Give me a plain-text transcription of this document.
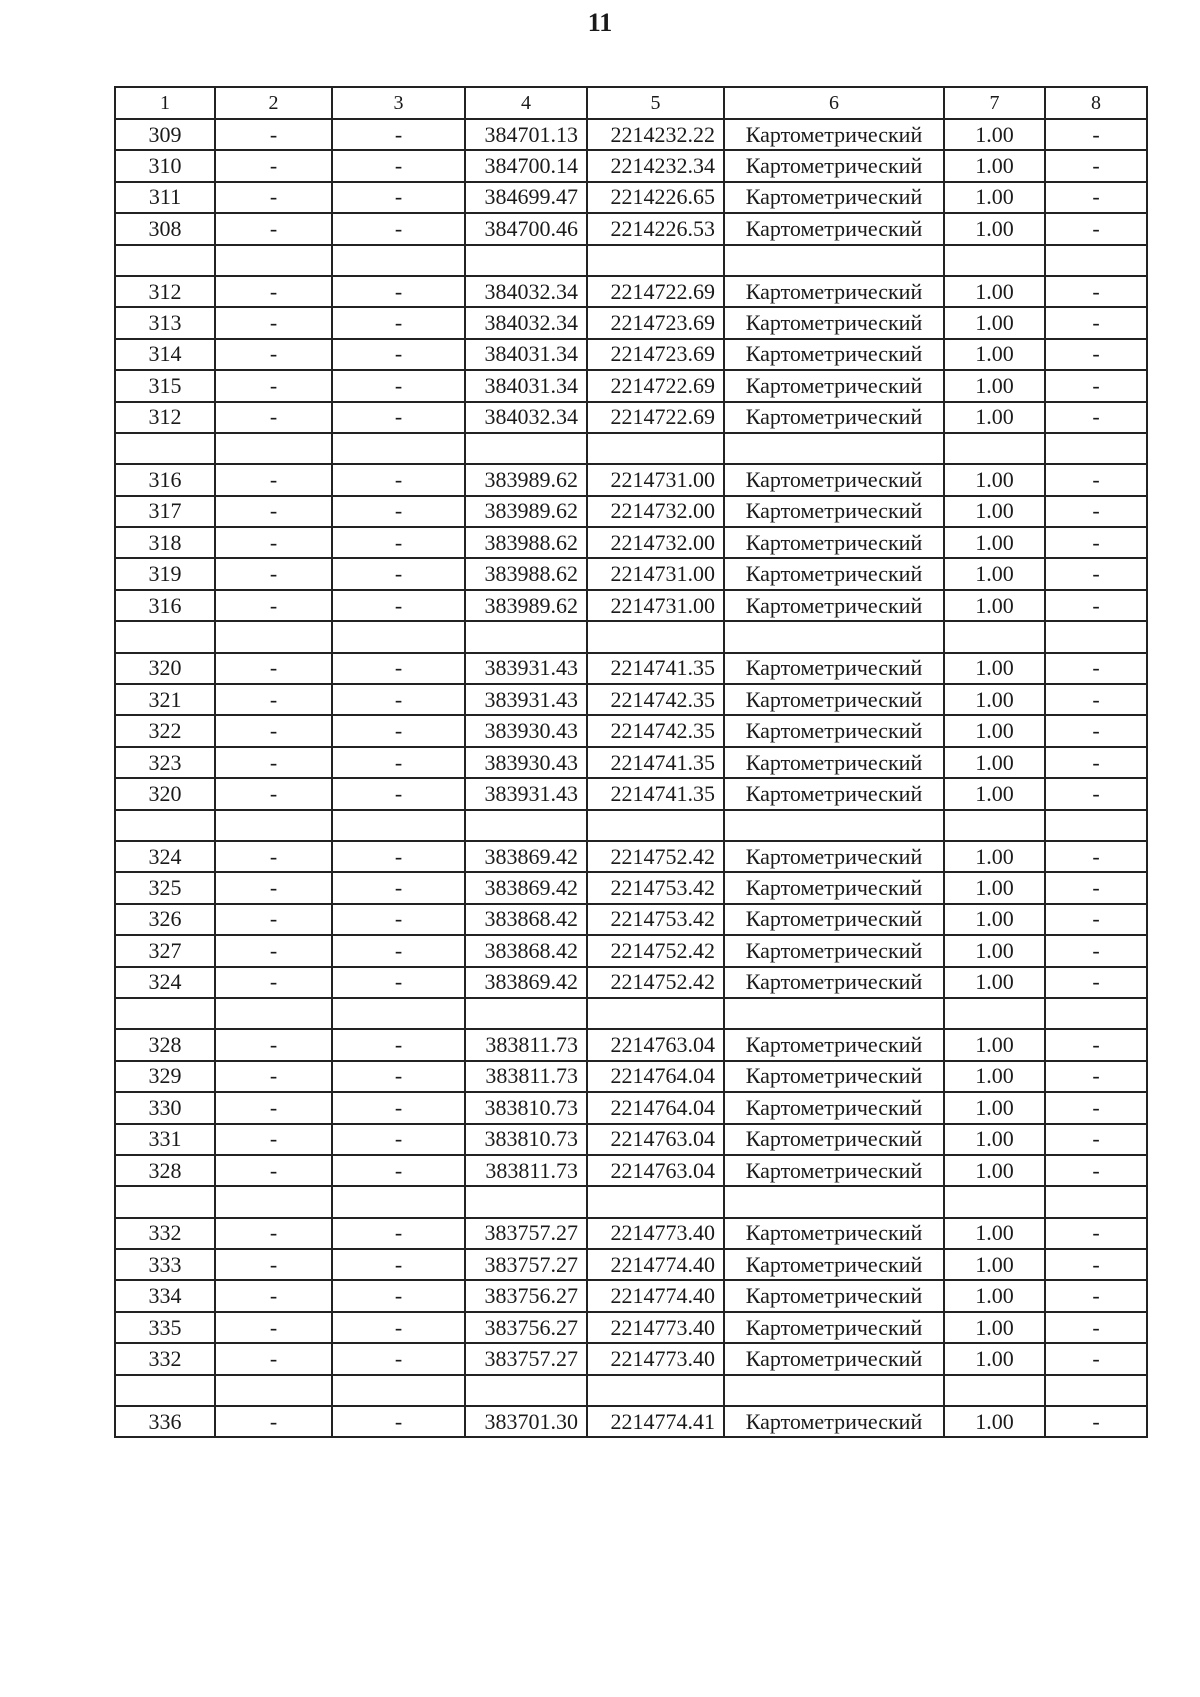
11
1	2	3	4	5	6	7	8
309	-	-	384701.13	2214232.22	Картометрический	1.00	-
310	-	-	384700.14	2214232.34	Картометрический	1.00	-
311	-	-	384699.47	2214226.65	Картометрический	1.00	-
308	-	-	384700.46	2214226.53	Картометрический	1.00	-

312	-	-	384032.34	2214722.69	Картометрический	1.00	-
313	-	-	384032.34	2214723.69	Картометрический	1.00	-
314	-	-	384031.34	2214723.69	Картометрический	1.00	-
315	-	-	384031.34	2214722.69	Картометрический	1.00	-
312	-	-	384032.34	2214722.69	Картометрический	1.00	-

316	-	-	383989.62	2214731.00	Картометрический	1.00	-
317	-	-	383989.62	2214732.00	Картометрический	1.00	-
318	-	-	383988.62	2214732.00	Картометрический	1.00	-
319	-	-	383988.62	2214731.00	Картометрический	1.00	-
316	-	-	383989.62	2214731.00	Картометрический	1.00	-

320	-	-	383931.43	2214741.35	Картометрический	1.00	-
321	-	-	383931.43	2214742.35	Картометрический	1.00	-
322	-	-	383930.43	2214742.35	Картометрический	1.00	-
323	-	-	383930.43	2214741.35	Картометрический	1.00	-
320	-	-	383931.43	2214741.35	Картометрический	1.00	-

324	-	-	383869.42	2214752.42	Картометрический	1.00	-
325	-	-	383869.42	2214753.42	Картометрический	1.00	-
326	-	-	383868.42	2214753.42	Картометрический	1.00	-
327	-	-	383868.42	2214752.42	Картометрический	1.00	-
324	-	-	383869.42	2214752.42	Картометрический	1.00	-

328	-	-	383811.73	2214763.04	Картометрический	1.00	-
329	-	-	383811.73	2214764.04	Картометрический	1.00	-
330	-	-	383810.73	2214764.04	Картометрический	1.00	-
331	-	-	383810.73	2214763.04	Картометрический	1.00	-
328	-	-	383811.73	2214763.04	Картометрический	1.00	-

332	-	-	383757.27	2214773.40	Картометрический	1.00	-
333	-	-	383757.27	2214774.40	Картометрический	1.00	-
334	-	-	383756.27	2214774.40	Картометрический	1.00	-
335	-	-	383756.27	2214773.40	Картометрический	1.00	-
332	-	-	383757.27	2214773.40	Картометрический	1.00	-

336	-	-	383701.30	2214774.41	Картометрический	1.00	-
